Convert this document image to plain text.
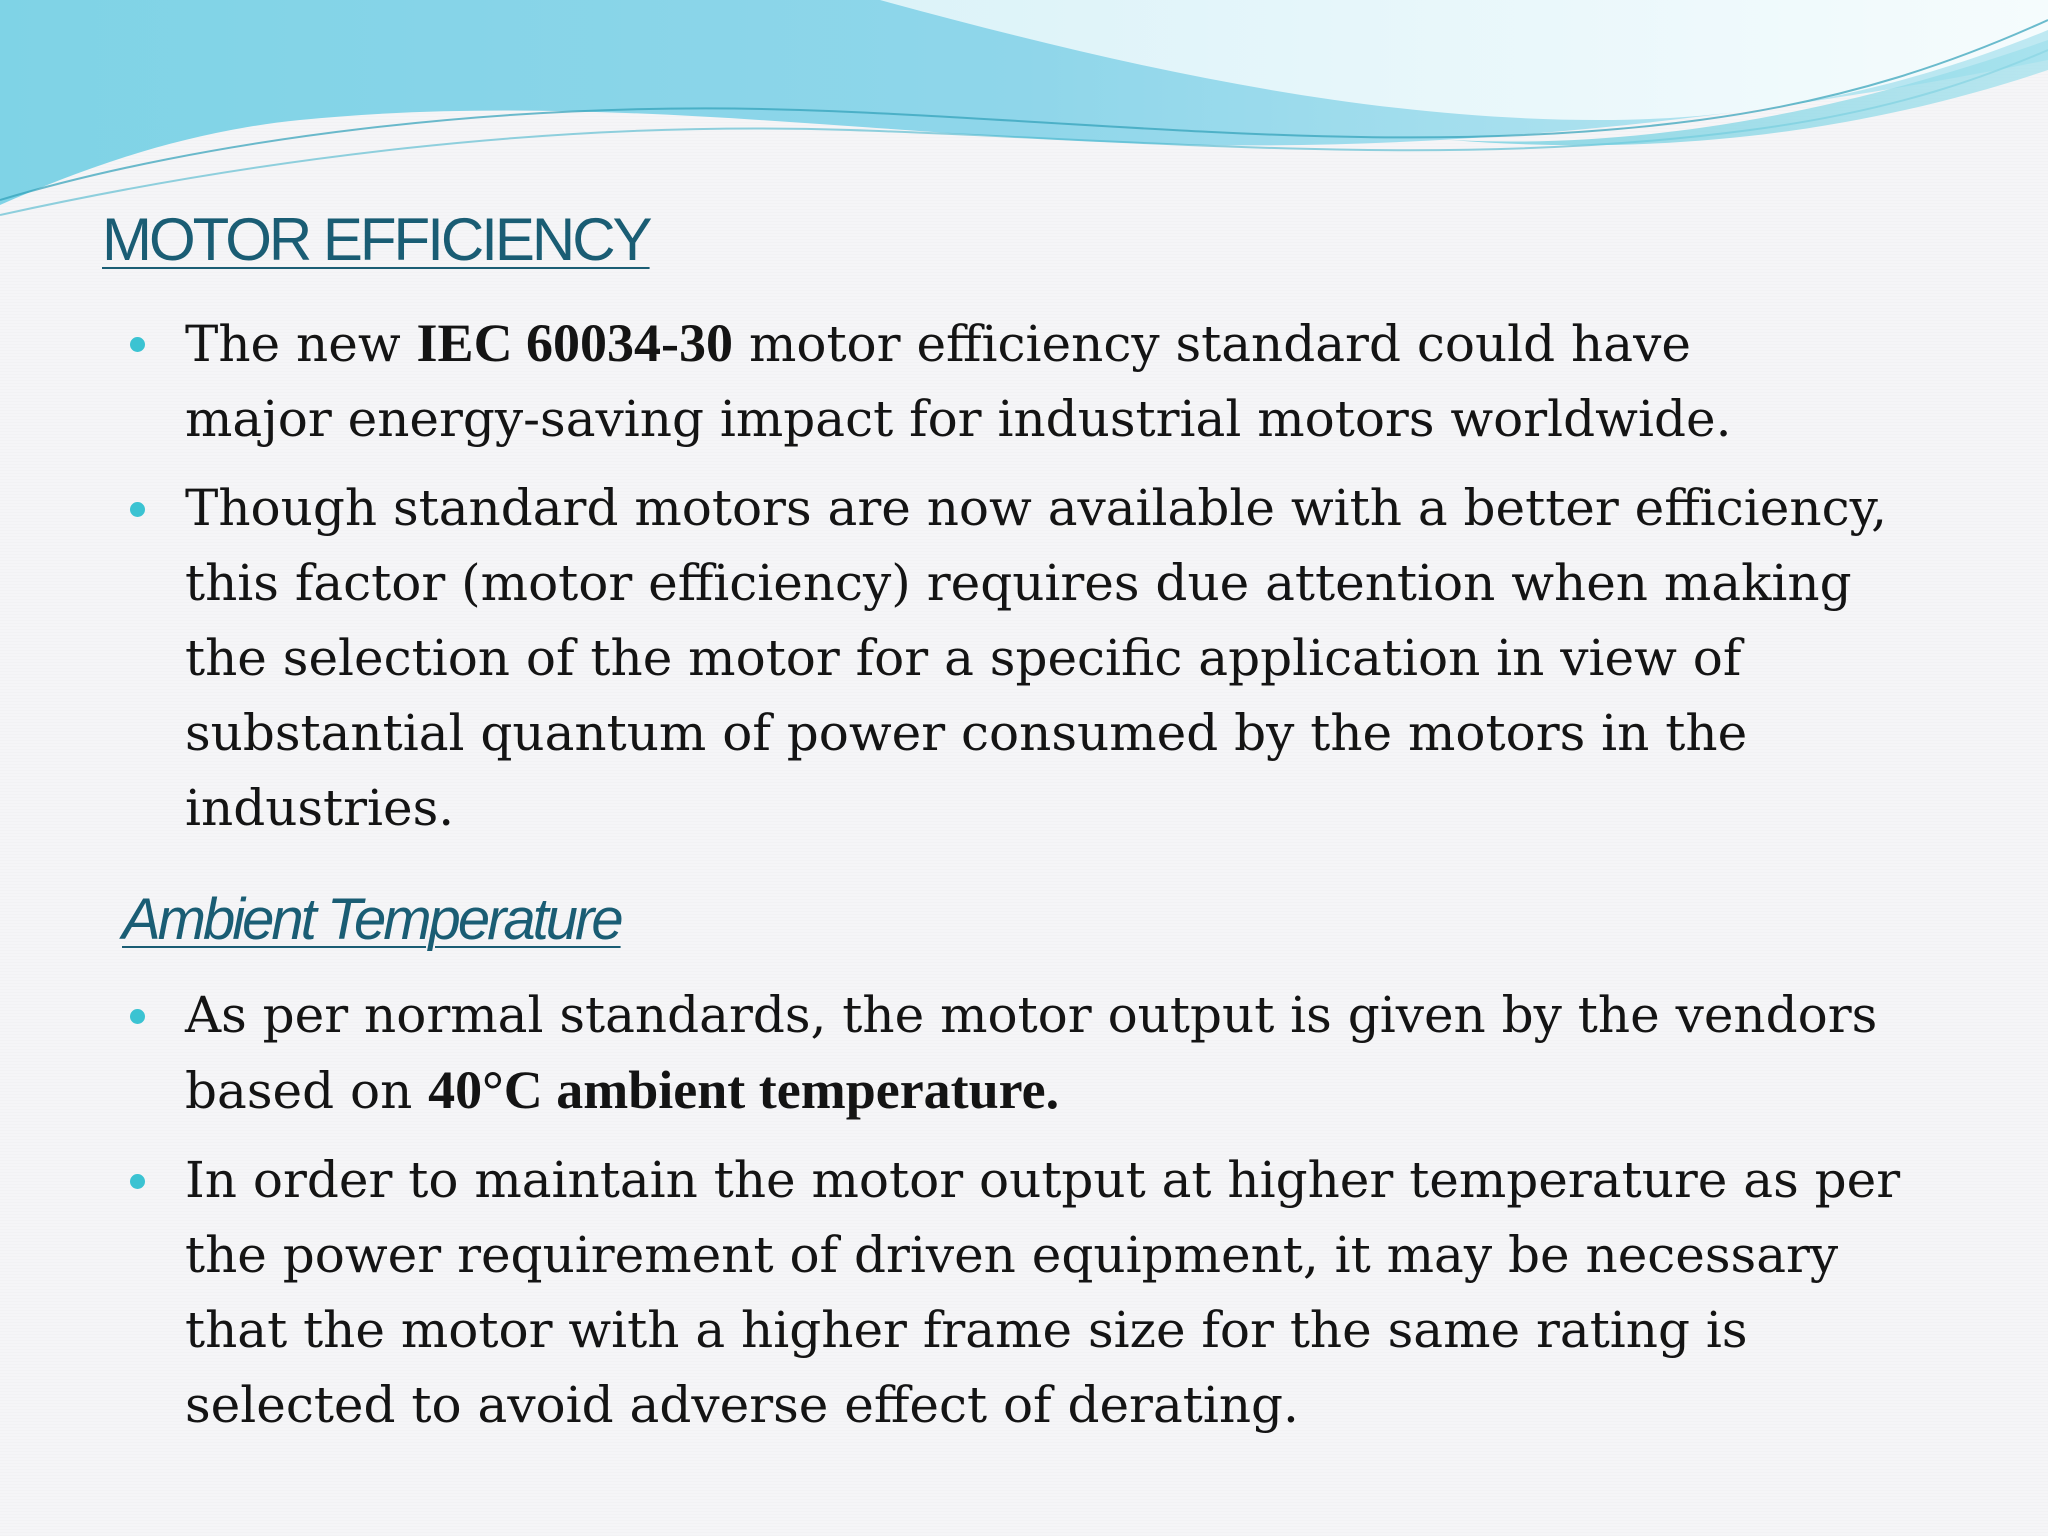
MOTOR EFFICIENCY
The new IEC 60034-30 motor efficiency standard could have
major energy-saving impact for industrial motors worldwide.
Though standard motors are now available with a better efficiency,
this factor (motor efficiency) requires due attention when making
the selection of the motor for a specific application in view of
substantial quantum of power consumed by the motors in the
industries.
Ambient Temperature
As per normal standards, the motor output is given by the vendors
based on 40°C ambient temperature.
In order to maintain the motor output at higher temperature as per
the power requirement of driven equipment, it may be necessary
that the motor with a higher frame size for the same rating is
selected to avoid adverse effect of derating.
